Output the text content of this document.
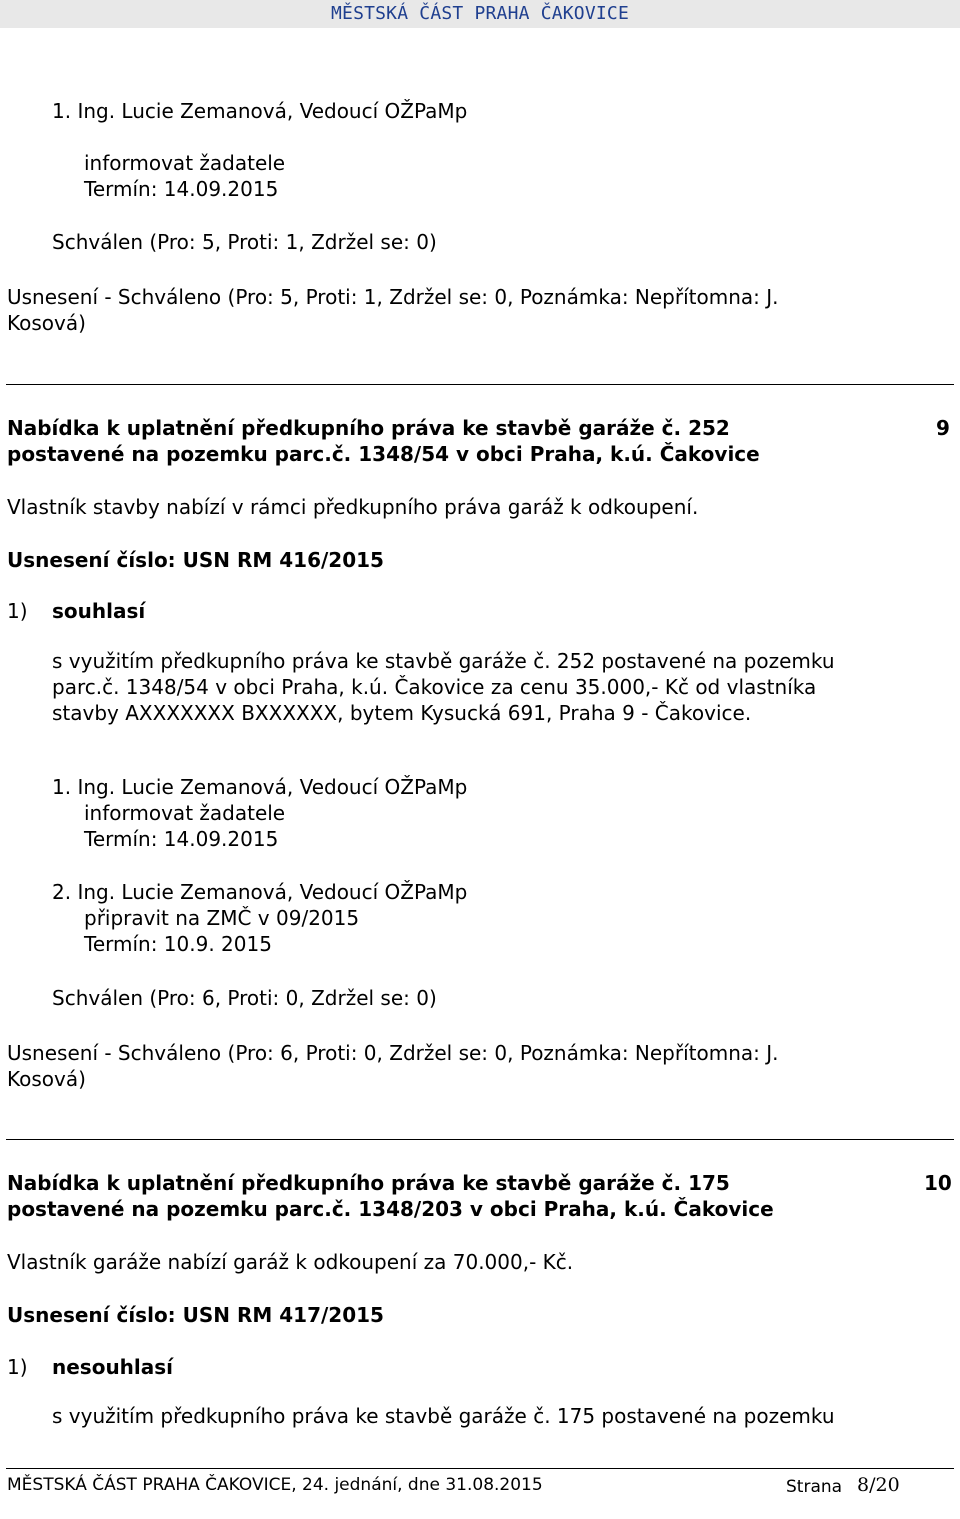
MĚSTSKÁ ČÁST PRAHA ČAKOVICE
1. Ing. Lucie Zemanová, Vedoucí OŽPaMp
informovat žadatele
Termín: 14.09.2015
Schválen (Pro: 5, Proti: 1, Zdržel se: 0)
Usnesení - Schváleno (Pro: 5, Proti: 1, Zdržel se: 0, Poznámka: Nepřítomna: J.
Kosová)
Nabídka k uplatnění předkupního práva ke stavbě garáže č. 252
postavené na pozemku parc.č. 1348/54 v obci Praha, k.ú. Čakovice
9
Vlastník stavby nabízí v rámci předkupního práva garáž k odkoupení.
Usnesení číslo: USN RM 416/2015
1) souhlasí
s využitím předkupního práva ke stavbě garáže č. 252 postavené na pozemku
parc.č. 1348/54 v obci Praha, k.ú. Čakovice za cenu 35.000,- Kč od vlastníka
stavby AXXXXXXX BXXXXXX, bytem Kysucká 691, Praha 9 - Čakovice.
1. Ing. Lucie Zemanová, Vedoucí OŽPaMp
informovat žadatele
Termín: 14.09.2015
2. Ing. Lucie Zemanová, Vedoucí OŽPaMp
připravit na ZMČ v 09/2015
Termín: 10.9. 2015
Schválen (Pro: 6, Proti: 0, Zdržel se: 0)
Usnesení - Schváleno (Pro: 6, Proti: 0, Zdržel se: 0, Poznámka: Nepřítomna: J.
Kosová)
Nabídka k uplatnění předkupního práva ke stavbě garáže č. 175
postavené na pozemku parc.č. 1348/203 v obci Praha, k.ú. Čakovice
10
Vlastník garáže nabízí garáž k odkoupení za 70.000,- Kč.
Usnesení číslo: USN RM 417/2015
1) nesouhlasí
s využitím předkupního práva ke stavbě garáže č. 175 postavené na pozemku
MĚSTSKÁ ČÁST PRAHA ČAKOVICE, 24. jednání, dne 31.08.2015	Strana 8/20
